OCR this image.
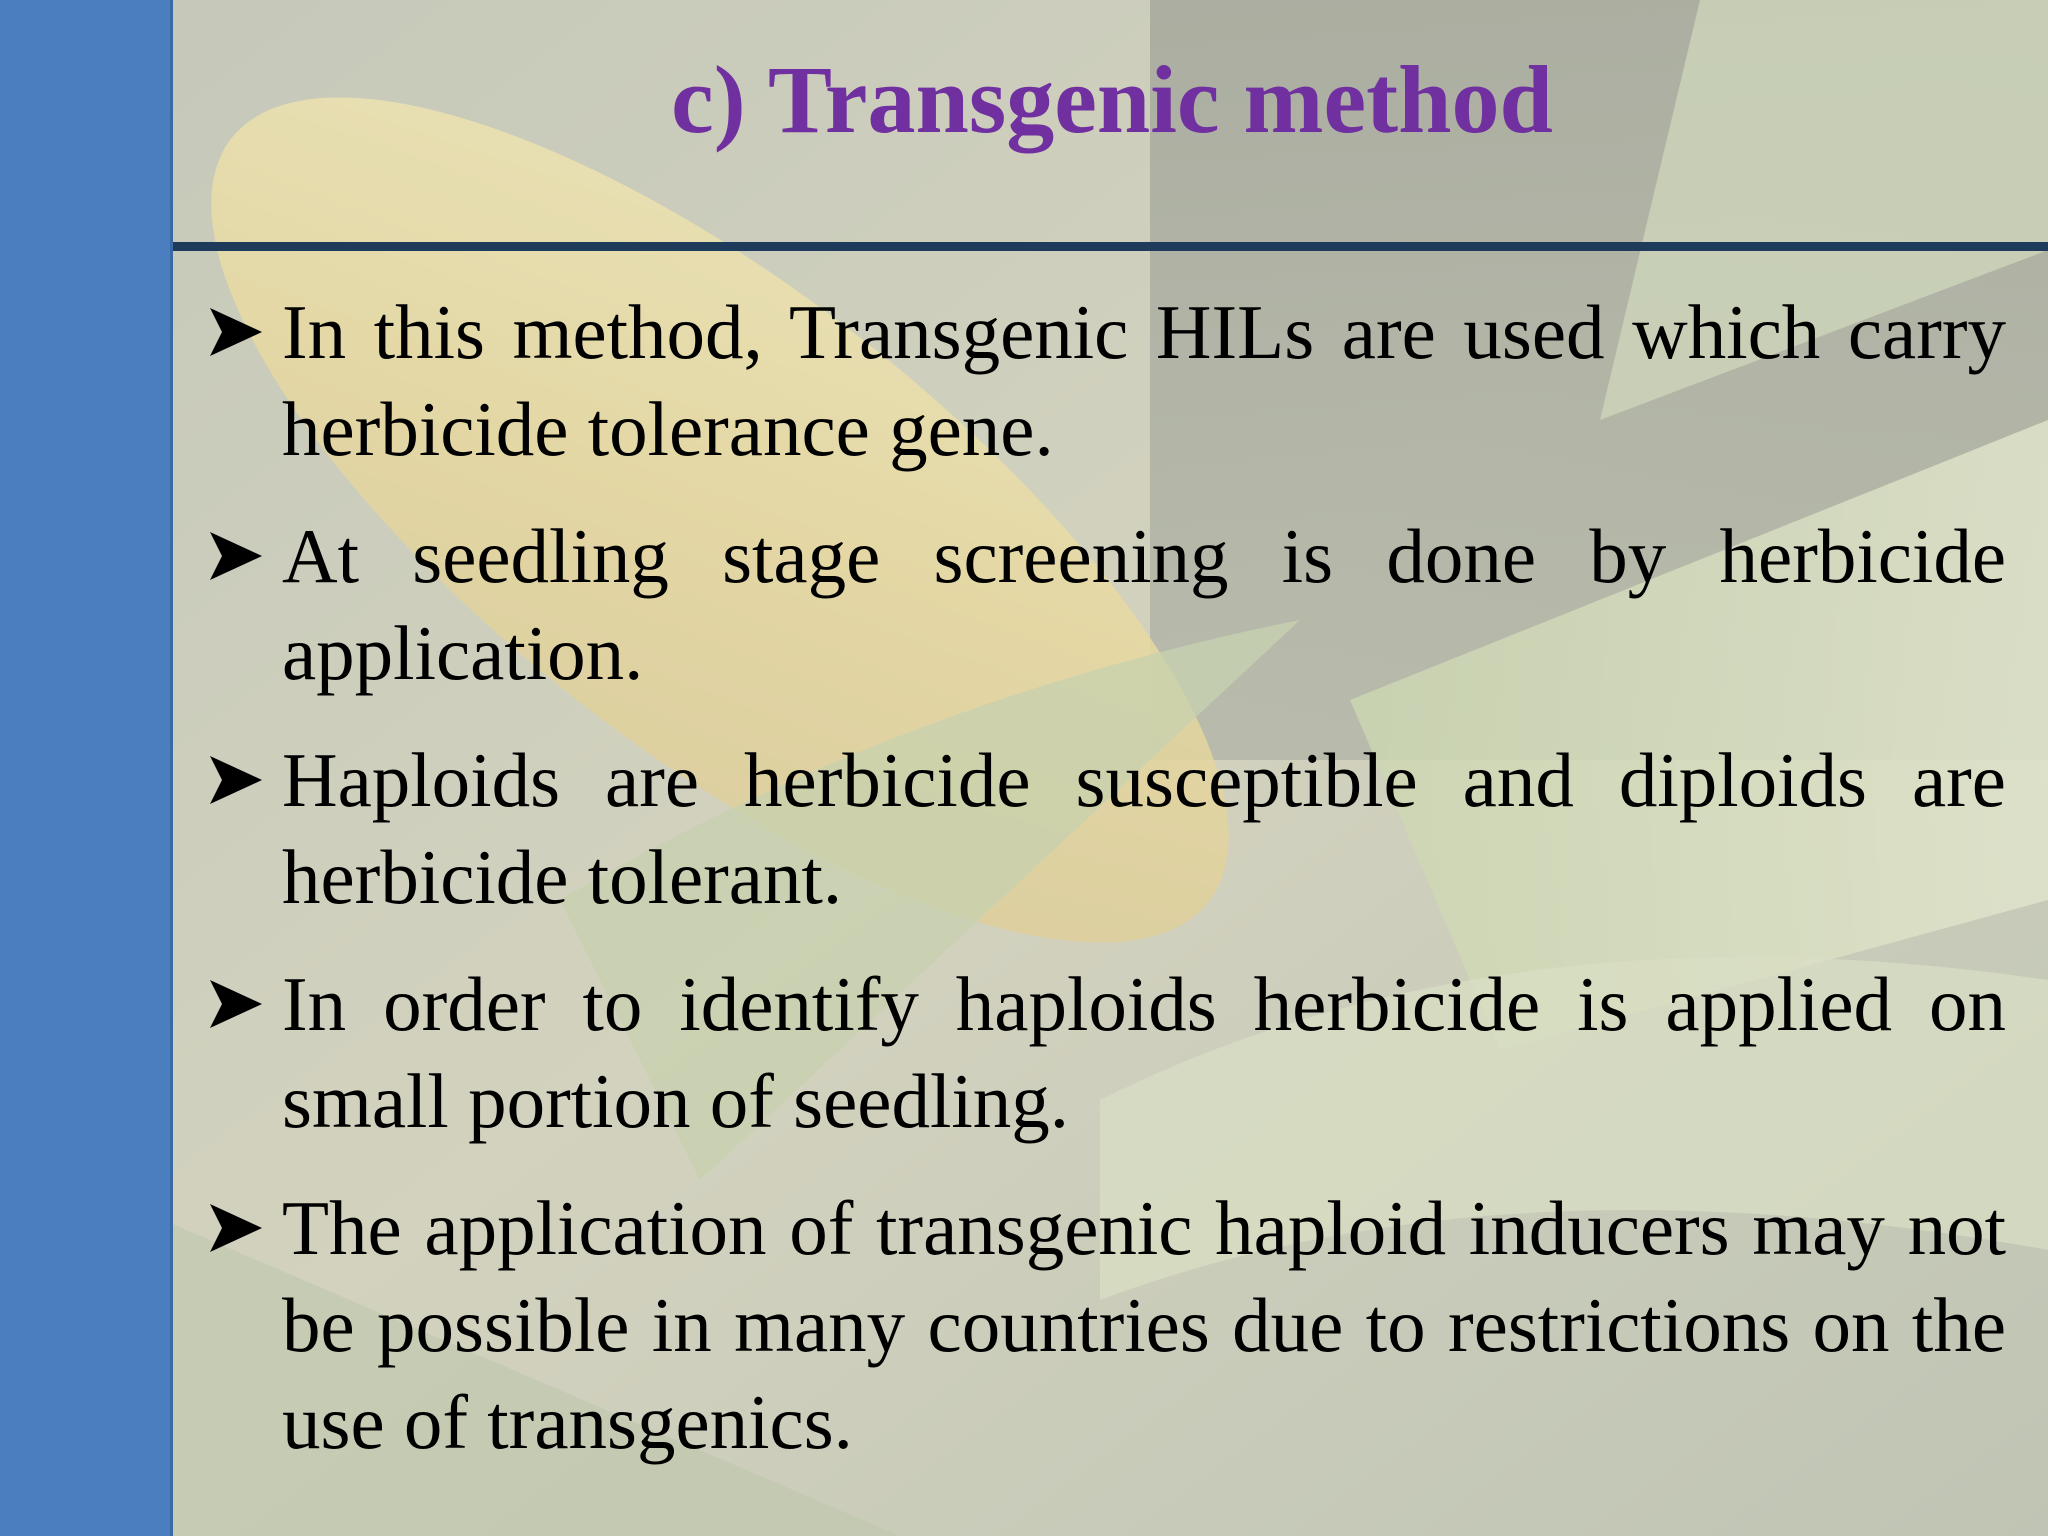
c) Transgenic method
In this method, Transgenic HILs are used which carry herbicide tolerance gene.
At seedling stage screening is done by herbicide application.
Haploids are herbicide susceptible and diploids are herbicide tolerant.
In order to identify haploids herbicide is applied on small portion of seedling.
The application of transgenic haploid inducers may not be possible in many countries due to restrictions on the use of transgenics.
